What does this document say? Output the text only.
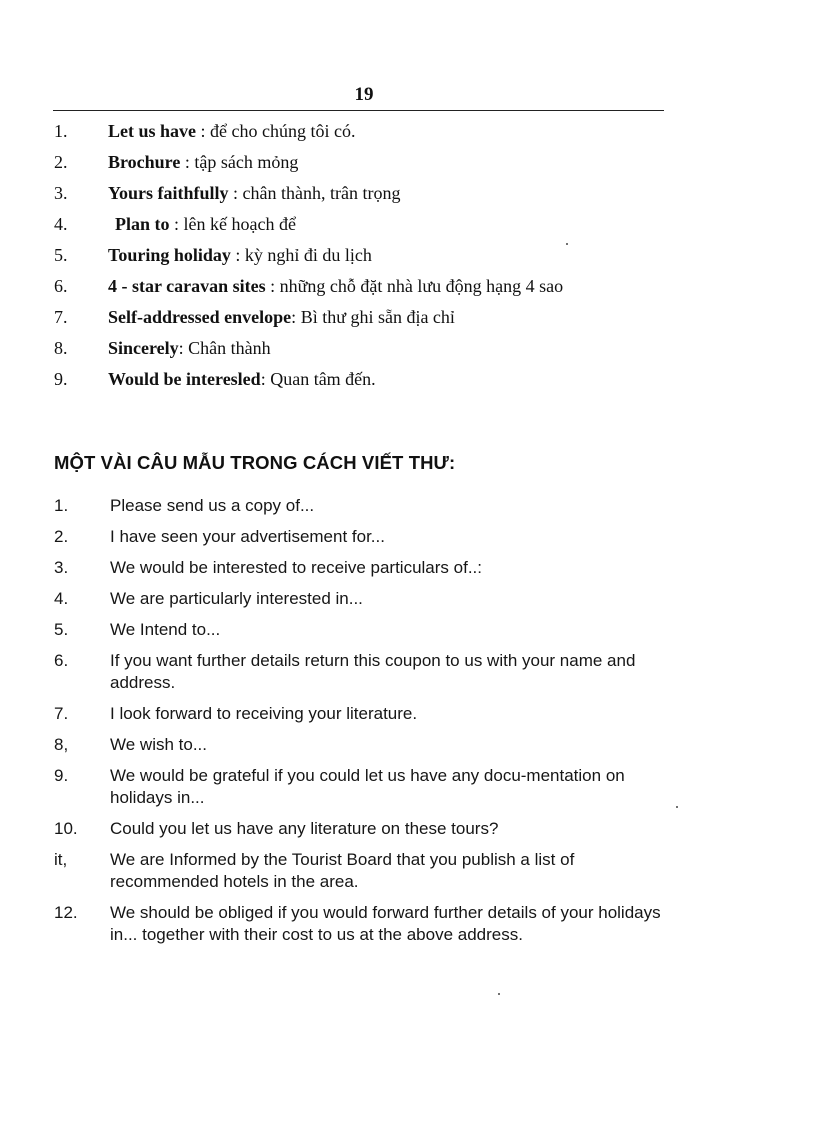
19
1.	Let us have : để cho chúng tôi có.
2.	Brochure : tập sách mỏng
3.	Yours faithfully : chân thành, trân trọng
4.	Plan to : lên kế hoạch để
5.	Touring holiday : kỳ nghỉ đi du lịch
6.	4 - star caravan sites : những chỗ đặt nhà lưu động hạng 4 sao
7.	Self-addressed envelope: Bì thư ghi sẵn địa chỉ
8.	Sincerely: Chân thành
9.	Would be interesled: Quan tâm đến.
MỘT VÀI CÂU MẪU TRONG CÁCH VIẾT THƯ:
1.	Please send us a copy of...
2.	I have seen your advertisement for...
3.	We would be interested to receive particulars of..:
4.	We are particularly interested in...
5.	We Intend to...
6.	If you want further details return this coupon to us with your name and address.
7.	I look forward to receiving your literature.
8,	We wish to...
9.	We would be grateful if you could let us have any docu-mentation on holidays in...
10.	Could you let us have any literature on these tours?
it,	We are Informed by the Tourist Board that you publish a list of recommended hotels in the area.
12.	We should be obliged if you would forward further details of your holidays in... together with their cost to us at the above address.
